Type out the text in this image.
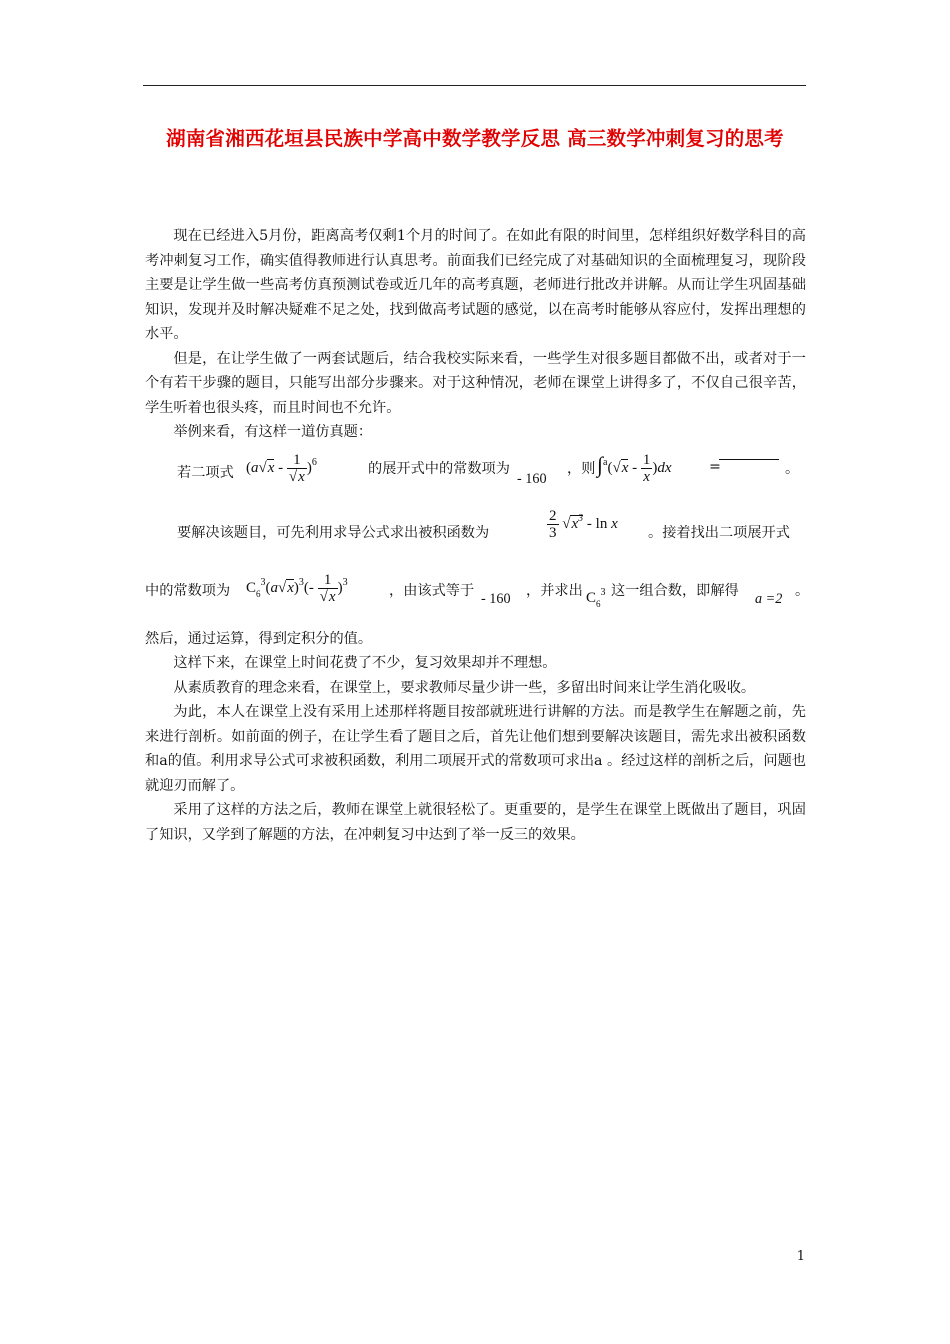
湖南省湘西花垣县民族中学高中数学教学反思 高三数学冲刺复习的思考

现在已经进入5月份，距离高考仅剩1个月的时间了。在如此有限的时间里，怎样组织好数学科目的高考冲刺复习工作，确实值得教师进行认真思考。前面我们已经完成了对基础知识的全面梳理复习，现阶段主要是让学生做一些高考仿真预测试卷或近几年的高考真题，老师进行批改并讲解。从而让学生巩固基础知识，发现并及时解决疑难不足之处，找到做高考试题的感觉，以在高考时能够从容应付，发挥出理想的水平。

但是，在让学生做了一两套试题后，结合我校实际来看，一些学生对很多题目都做不出，或者对于一个有若干步骤的题目，只能写出部分步骤来。对于这种情况，老师在课堂上讲得多了，不仅自己很辛苦，学生听着也很头疼，而且时间也不允许。

举例来看，有这样一道仿真题：

若二项式 $(a√x - \frac{1}{√x} )^6$	的展开式中的常数项为
- 160
，则 $\int^a(√x - \frac{1}{x} )dx$	=	。
要解决该题目，可先利用求导公式求出被积函数为	$\frac{2}{3} √x^3$ - ln x
。接着找出二项展开式
中的常数项为 $C_6^3(a√x)^3(- \frac{1}{√x} )^3$
，由该式等于 - 160 ，并求出 $C_6^3$ 这一组合数，即解得 a =2 。

然后，通过运算，得到定积分的值。

这样下来，在课堂上时间花费了不少，复习效果却并不理想。

从素质教育的理念来看，在课堂上，要求教师尽量少讲一些，多留出时间来让学生消化吸收。

为此，本人在课堂上没有采用上述那样将题目按部就班进行讲解的方法。而是教学生在解题之前，先来进行剖析。如前面的例子，在让学生看了题目之后，首先让他们想到要解决该题目，需先求出被积函数和a的值。利用求导公式可求被积函数，利用二项展开式的常数项可求出a 。经过这样的剖析之后，问题也就迎刃而解了。

采用了这样的方法之后，教师在课堂上就很轻松了。更重要的，是学生在课堂上既做出了题目，巩固了知识，又学到了解题的方法，在冲刺复习中达到了举一反三的效果。

1
